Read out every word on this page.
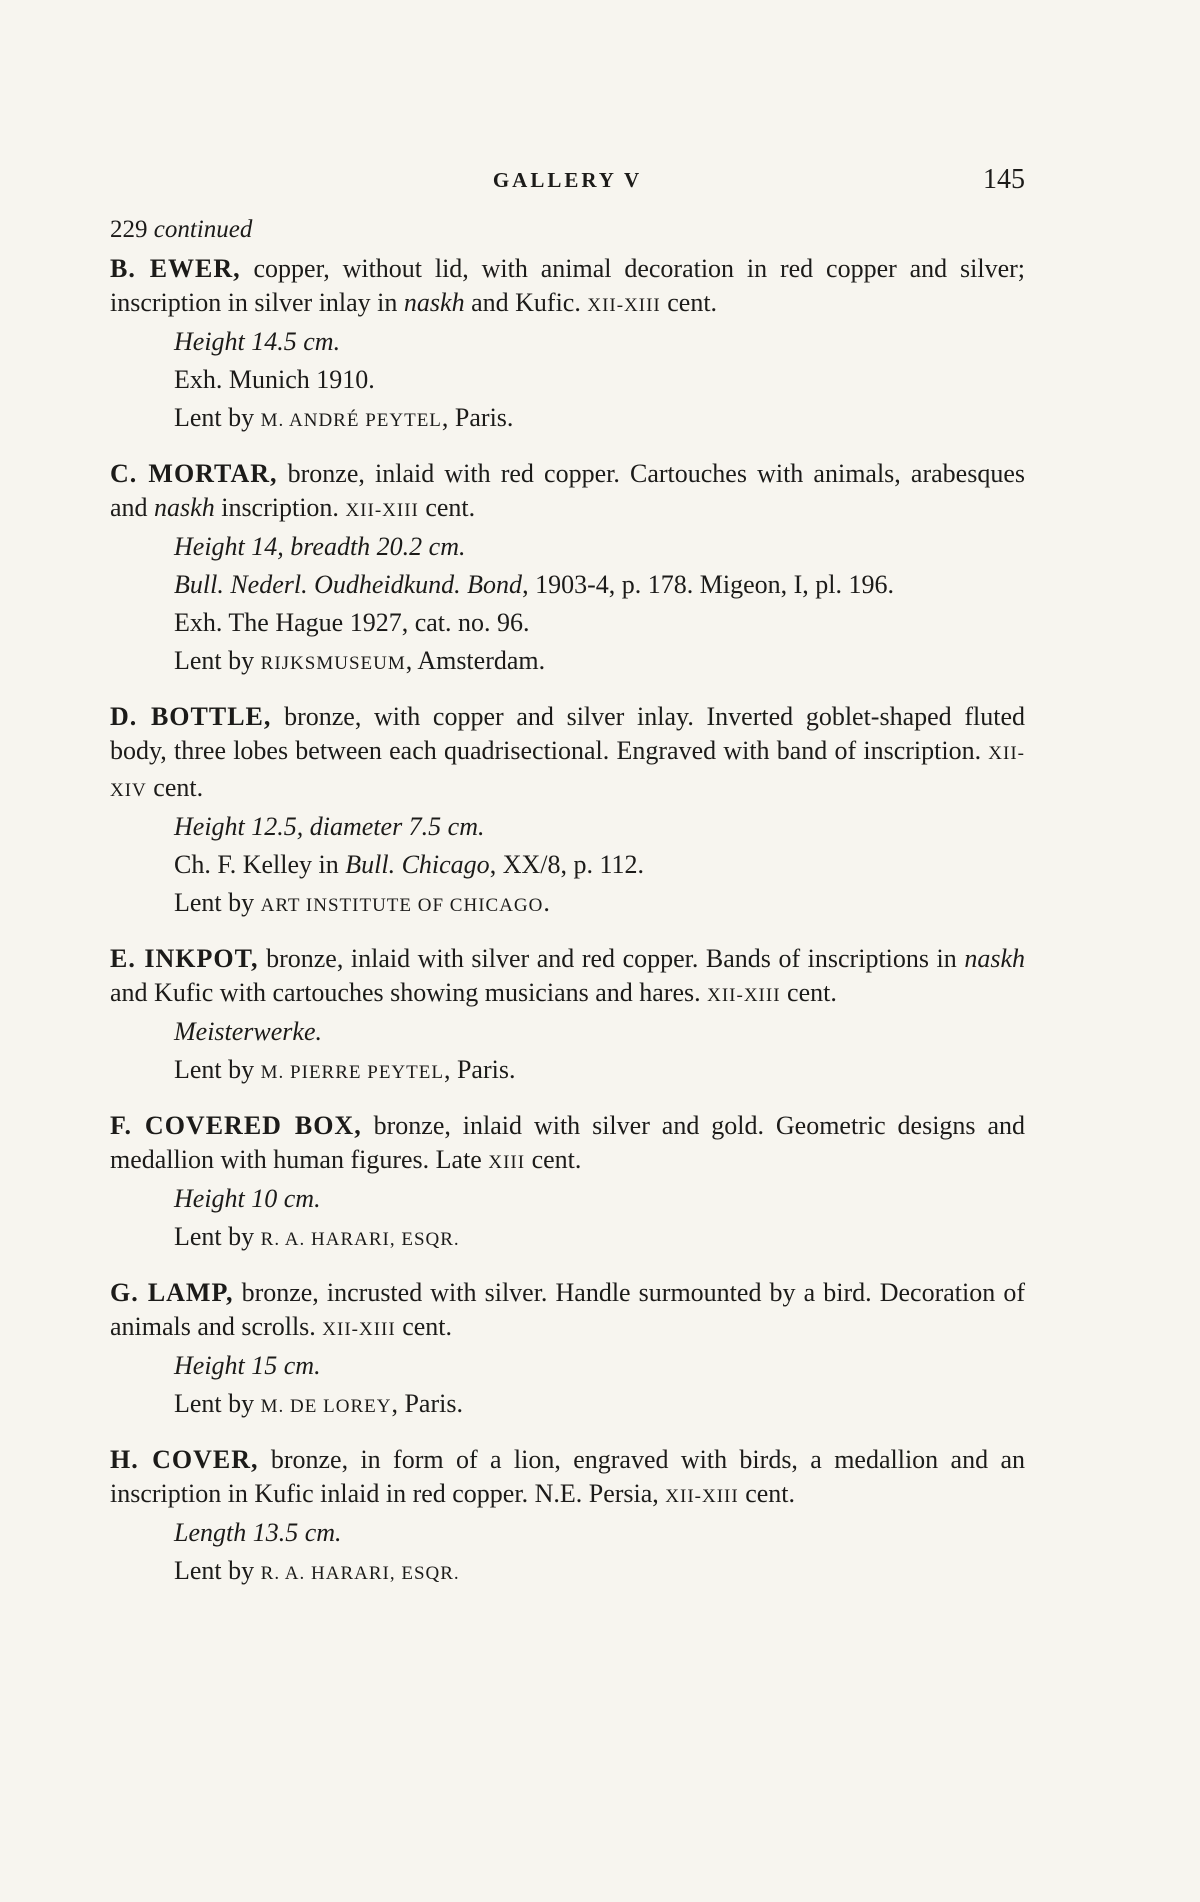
GALLERY V	145
229 continued
B. EWER, copper, without lid, with animal decoration in red copper and silver; inscription in silver inlay in naskh and Kufic. XII-XIII cent.
Height 14.5 cm.
Exh. Munich 1910.
Lent by M. ANDRÉ PEYTEL, Paris.
C. MORTAR, bronze, inlaid with red copper. Cartouches with animals, arabesques and naskh inscription. XII-XIII cent.
Height 14, breadth 20.2 cm.
Bull. Nederl. Oudheidkund. Bond, 1903-4, p. 178. Migeon, I, pl. 196.
Exh. The Hague 1927, cat. no. 96.
Lent by RIJKSMUSEUM, Amsterdam.
D. BOTTLE, bronze, with copper and silver inlay. Inverted goblet-shaped fluted body, three lobes between each quadrisectional. Engraved with band of inscription. XII-XIV cent.
Height 12.5, diameter 7.5 cm.
Ch. F. Kelley in Bull. Chicago, XX/8, p. 112.
Lent by ART INSTITUTE OF CHICAGO.
E. INKPOT, bronze, inlaid with silver and red copper. Bands of inscriptions in naskh and Kufic with cartouches showing musicians and hares. XII-XIII cent.
Meisterwerke.
Lent by M. PIERRE PEYTEL, Paris.
F. COVERED BOX, bronze, inlaid with silver and gold. Geometric designs and medallion with human figures. Late XIII cent.
Height 10 cm.
Lent by R. A. HARARI, ESQR.
G. LAMP, bronze, incrusted with silver. Handle surmounted by a bird. Decoration of animals and scrolls. XII-XIII cent.
Height 15 cm.
Lent by M. DE LOREY, Paris.
H. COVER, bronze, in form of a lion, engraved with birds, a medallion and an inscription in Kufic inlaid in red copper. N.E. Persia, XII-XIII cent.
Length 13.5 cm.
Lent by R. A. HARARI, ESQR.
